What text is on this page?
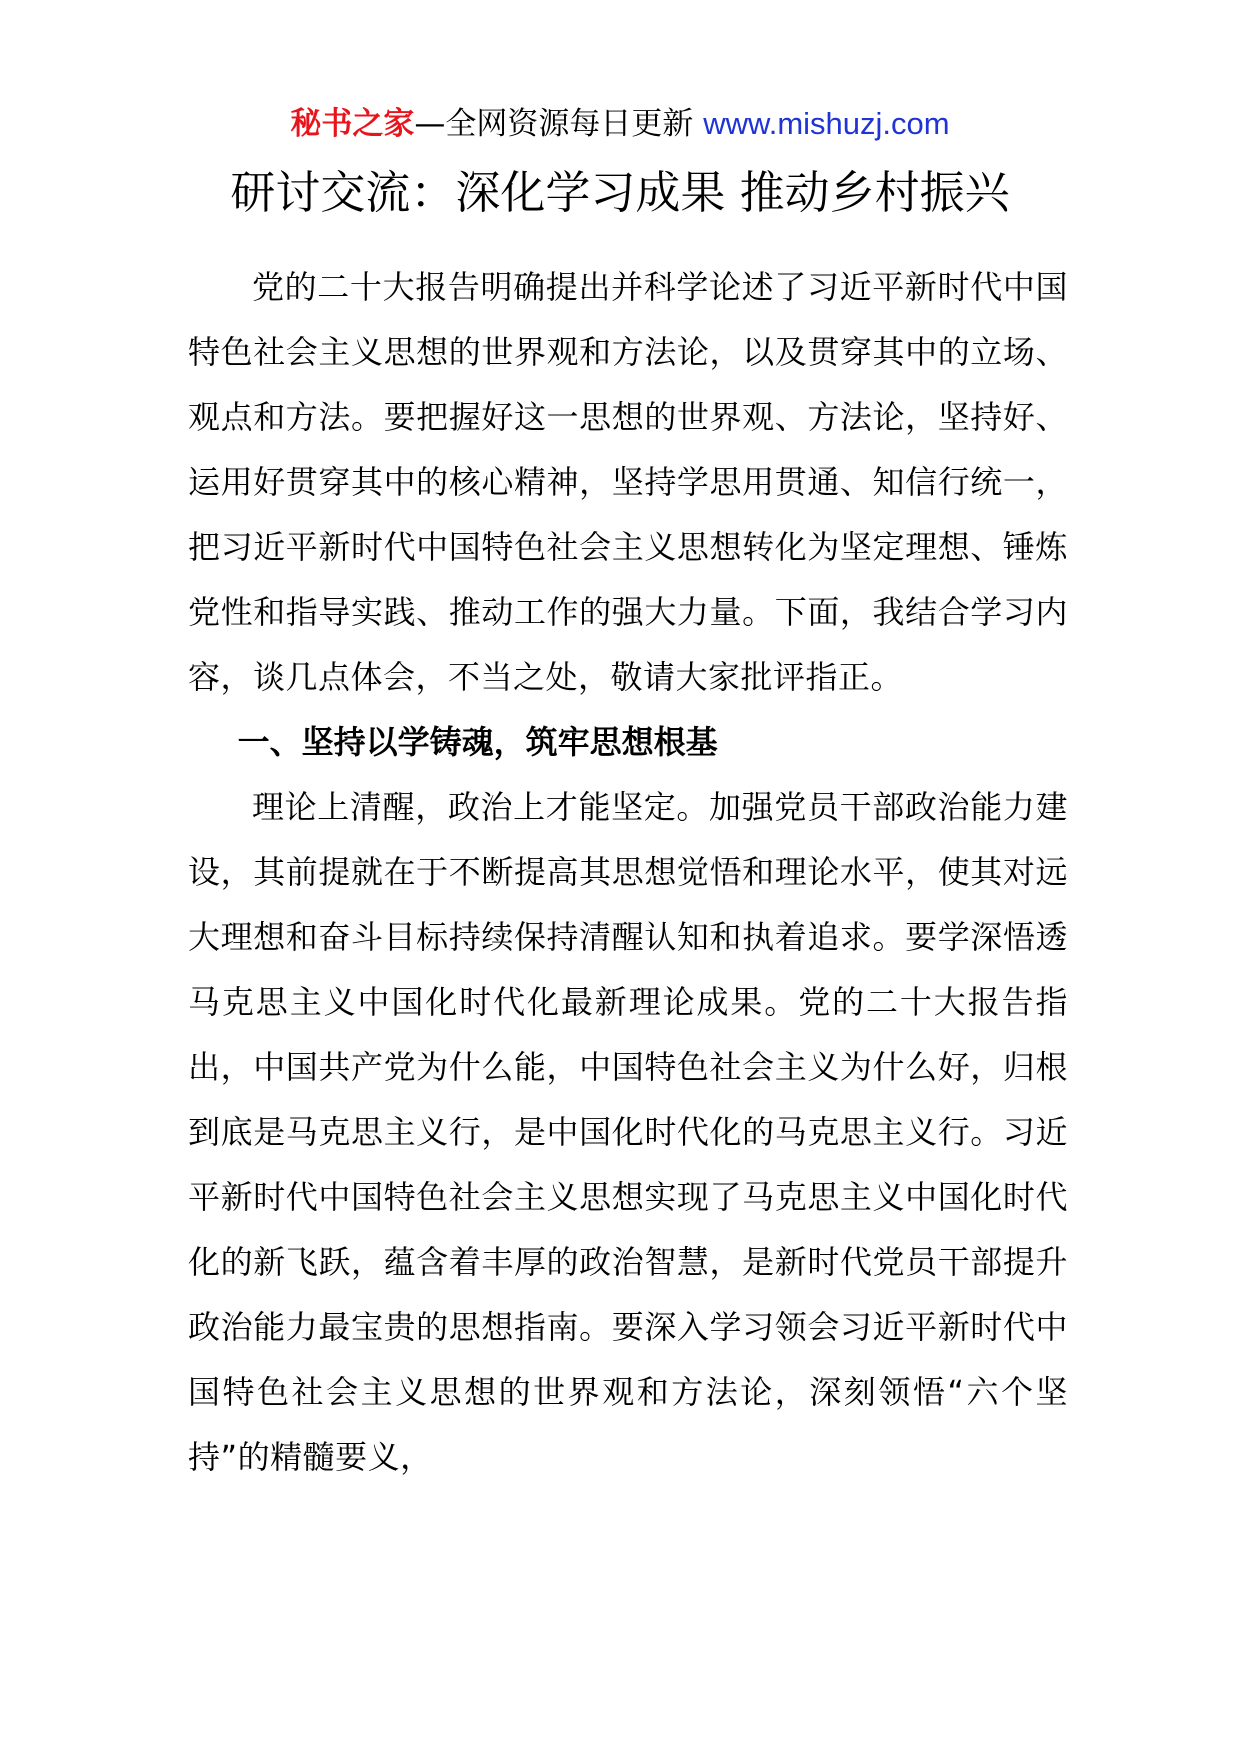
秘书之家—全网资源每日更新 www.mishuzj.com
研讨交流：深化学习成果 推动乡村振兴

党的二十大报告明确提出并科学论述了习近平新时代中国特色社会主义思想的世界观和方法论，以及贯穿其中的立场、观点和方法。要把握好这一思想的世界观、方法论，坚持好、运用好贯穿其中的核心精神，坚持学思用贯通、知信行统一，把习近平新时代中国特色社会主义思想转化为坚定理想、锤炼党性和指导实践、推动工作的强大力量。下面，我结合学习内容，谈几点体会，不当之处，敬请大家批评指正。

一、坚持以学铸魂，筑牢思想根基

理论上清醒，政治上才能坚定。加强党员干部政治能力建设，其前提就在于不断提高其思想觉悟和理论水平，使其对远大理想和奋斗目标持续保持清醒认知和执着追求。要学深悟透马克思主义中国化时代化最新理论成果。党的二十大报告指出，中国共产党为什么能，中国特色社会主义为什么好，归根到底是马克思主义行，是中国化时代化的马克思主义行。习近平新时代中国特色社会主义思想实现了马克思主义中国化时代化的新飞跃，蕴含着丰厚的政治智慧，是新时代党员干部提升政治能力最宝贵的思想指南。要深入学习领会习近平新时代中国特色社会主义思想的世界观和方法论，深刻领悟“六个坚持”的精髓要义，
